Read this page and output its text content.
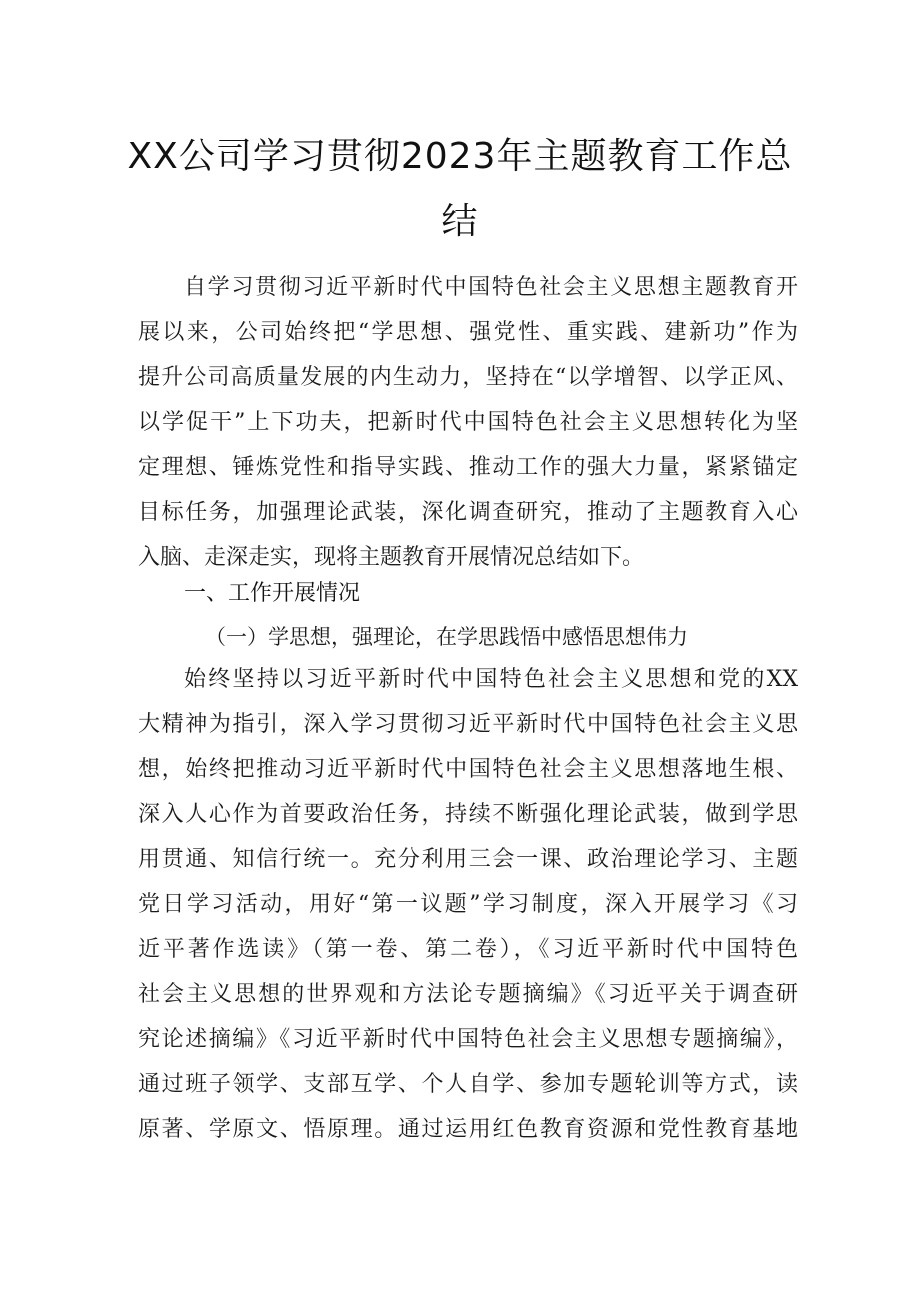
XX公司学习贯彻2023年主题教育工作总
结
自学习贯彻习近平新时代中国特色社会主义思想主题教育开
展以来，公司始终把“学思想、强党性、重实践、建新功”作为
提升公司高质量发展的内生动力，坚持在“以学增智、以学正风、
以学促干”上下功夫，把新时代中国特色社会主义思想转化为坚
定理想、锤炼党性和指导实践、推动工作的强大力量，紧紧锚定
目标任务，加强理论武装，深化调查研究，推动了主题教育入心
入脑、走深走实，现将主题教育开展情况总结如下。
一、工作开展情况
（一）学思想，强理论，在学思践悟中感悟思想伟力
始终坚持以习近平新时代中国特色社会主义思想和党的XX
大精神为指引，深入学习贯彻习近平新时代中国特色社会主义思
想，始终把推动习近平新时代中国特色社会主义思想落地生根、
深入人心作为首要政治任务，持续不断强化理论武装，做到学思
用贯通、知信行统一。充分利用三会一课、政治理论学习、主题
党日学习活动，用好“第一议题”学习制度，深入开展学习《习
近平著作选读》（第一卷、第二卷），《习近平新时代中国特色
社会主义思想的世界观和方法论专题摘编》《习近平关于调查研
究论述摘编》《习近平新时代中国特色社会主义思想专题摘编》，
通过班子领学、支部互学、个人自学、参加专题轮训等方式，读
原著、学原文、悟原理。通过运用红色教育资源和党性教育基地
